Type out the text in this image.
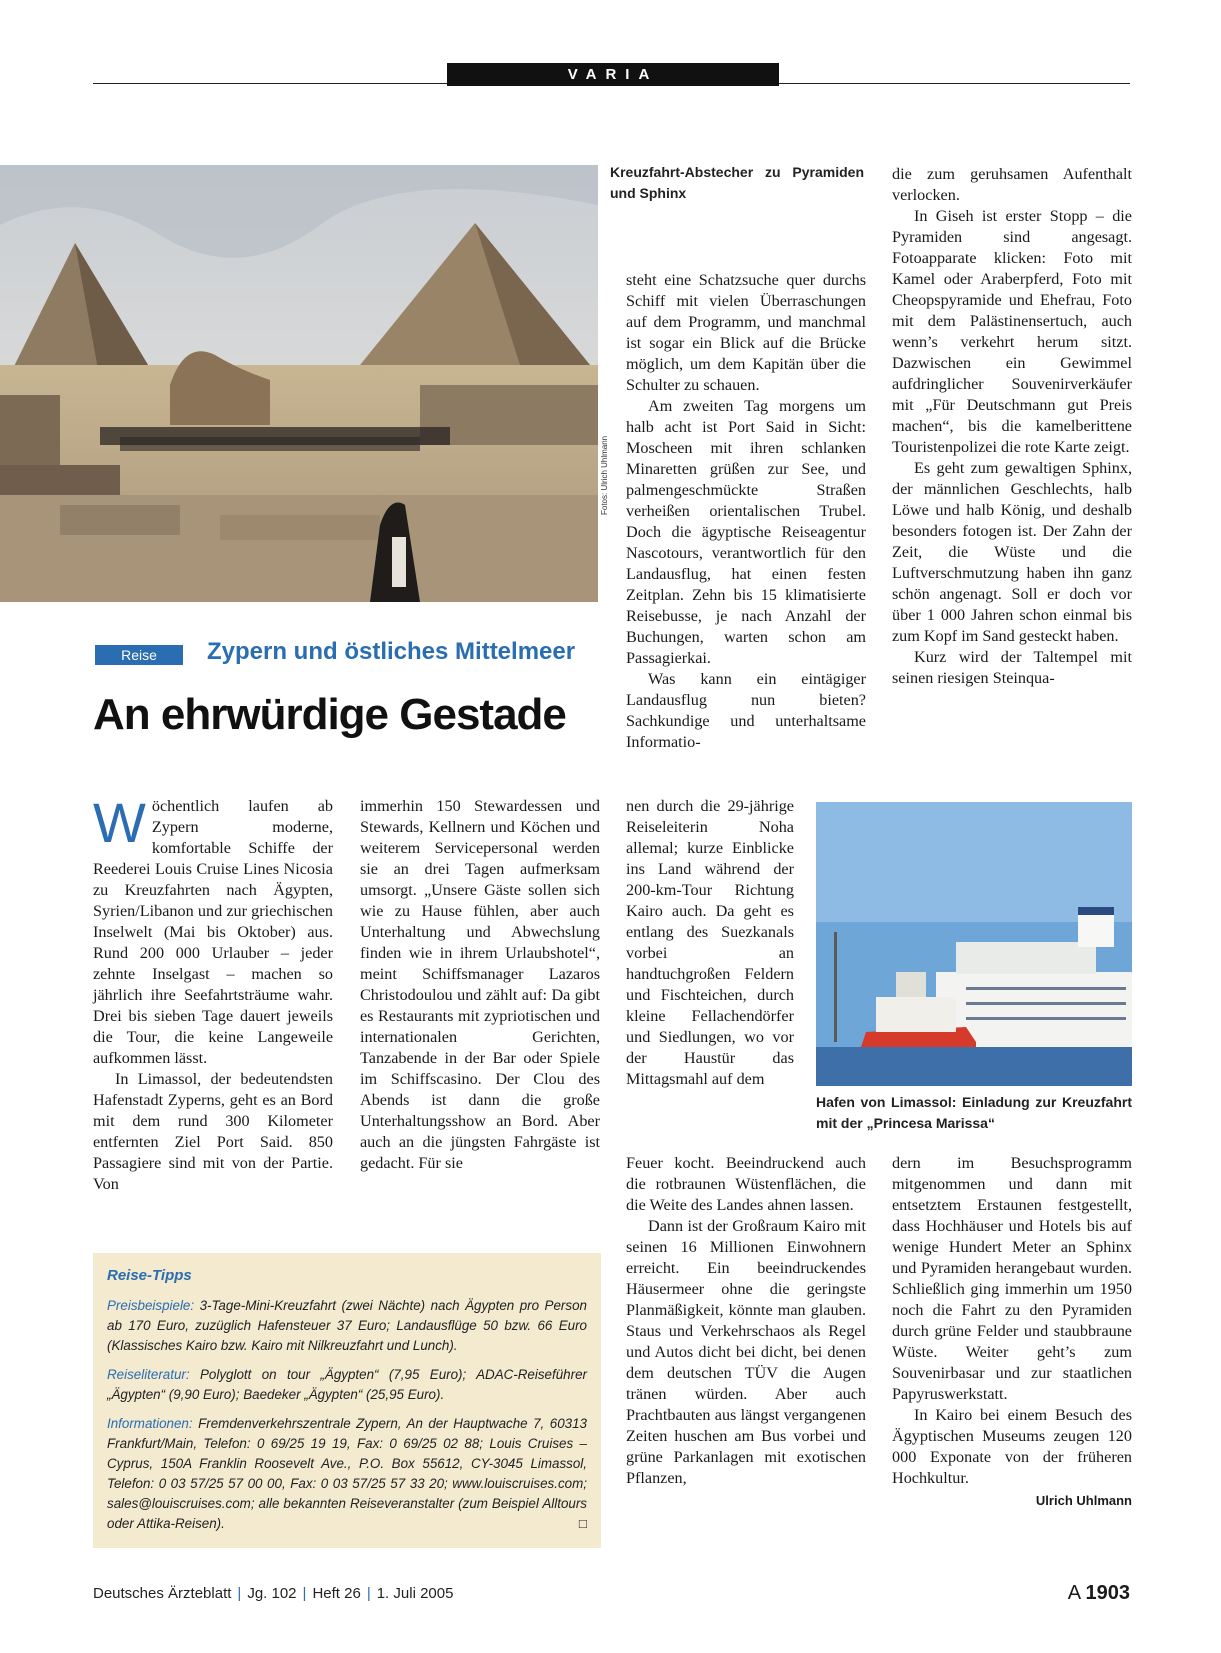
VARIA
Fotos: Ulrich Uhlmann
Kreuzfahrt-Abstecher zu Pyramiden und Sphinx
Reise	Zypern und östliches Mittelmeer
An ehrwürdige Gestade

Wöchentlich laufen ab Zypern moderne, komfortable Schiffe der Reederei Louis Cruise Lines Nicosia zu Kreuzfahrten nach Ägypten, Syrien/Libanon und zur griechischen Inselwelt (Mai bis Oktober) aus. Rund 200 000 Urlauber – jeder zehnte Inselgast – machen so jährlich ihre Seefahrtsträume wahr. Drei bis sieben Tage dauert jeweils die Tour, die keine Langeweile aufkommen lässt.

In Limassol, der bedeutendsten Hafenstadt Zyperns, geht es an Bord mit dem rund 300 Kilometer entfernten Ziel Port Said. 850 Passagiere sind mit von der Partie. Von

immerhin 150 Stewardessen und Stewards, Kellnern und Köchen und weiterem Servicepersonal werden sie an drei Tagen aufmerksam umsorgt. „Unsere Gäste sollen sich wie zu Hause fühlen, aber auch Unterhaltung und Abwechslung finden wie in ihrem Urlaubshotel“, meint Schiffsmanager Lazaros Christodoulou und zählt auf: Da gibt es Restaurants mit zypriotischen und internationalen Gerichten, Tanzabende in der Bar oder Spiele im Schiffscasino. Der Clou des Abends ist dann die große Unterhaltungsshow an Bord. Aber auch an die jüngsten Fahrgäste ist gedacht. Für sie

steht eine Schatzsuche quer durchs Schiff mit vielen Überraschungen auf dem Programm, und manchmal ist sogar ein Blick auf die Brücke möglich, um dem Kapitän über die Schulter zu schauen.

Am zweiten Tag morgens um halb acht ist Port Said in Sicht: Moscheen mit ihren schlanken Minaretten grüßen zur See, und palmengeschmückte Straßen verheißen orientalischen Trubel. Doch die ägyptische Reiseagentur Nascotours, verantwortlich für den Landausflug, hat einen festen Zeitplan. Zehn bis 15 klimatisierte Reisebusse, je nach Anzahl der Buchungen, warten schon am Passagierkai.

Was kann ein eintägiger Landausflug nun bieten? Sachkundige und unterhaltsame Informatio-

nen durch die 29-jährige Reiseleiterin Noha allemal; kurze Einblicke ins Land während der 200-km-Tour Richtung Kairo auch. Da geht es entlang des Suezkanals vorbei an handtuchgroßen Feldern und Fischteichen, durch kleine Fellachendörfer und Siedlungen, wo vor der Haustür das Mittagsmahl auf dem

Feuer kocht. Beeindruckend auch die rotbraunen Wüstenflächen, die die Weite des Landes ahnen lassen.

Dann ist der Großraum Kairo mit seinen 16 Millionen Einwohnern erreicht. Ein beeindruckendes Häusermeer ohne die geringste Planmäßigkeit, könnte man glauben. Staus und Verkehrschaos als Regel und Autos dicht bei dicht, bei denen dem deutschen TÜV die Augen tränen würden. Aber auch Prachtbauten aus längst vergangenen Zeiten huschen am Bus vorbei und grüne Parkanlagen mit exotischen Pflanzen,

die zum geruhsamen Aufenthalt verlocken.

In Giseh ist erster Stopp – die Pyramiden sind angesagt. Fotoapparate klicken: Foto mit Kamel oder Araberpferd, Foto mit Cheopspyramide und Ehefrau, Foto mit dem Palästinensertuch, auch wenn’s verkehrt herum sitzt. Dazwischen ein Gewimmel aufdringlicher Souvenirverkäufer mit „Für Deutschmann gut Preis machen“, bis die kamelberittene Touristenpolizei die rote Karte zeigt.

Es geht zum gewaltigen Sphinx, der männlichen Geschlechts, halb Löwe und halb König, und deshalb besonders fotogen ist. Der Zahn der Zeit, die Wüste und die Luftverschmutzung haben ihn ganz schön angenagt. Soll er doch vor über 1 000 Jahren schon einmal bis zum Kopf im Sand gesteckt haben.

Kurz wird der Taltempel mit seinen riesigen Steinqua-

Hafen von Limassol: Einladung zur Kreuzfahrt mit der „Princesa Marissa“

dern im Besuchsprogramm mitgenommen und dann mit entsetztem Erstaunen festgestellt, dass Hochhäuser und Hotels bis auf wenige Hundert Meter an Sphinx und Pyramiden herangebaut wurden. Schließlich ging immerhin um 1950 noch die Fahrt zu den Pyramiden durch grüne Felder und staubbraune Wüste. Weiter geht’s zum Souvenirbasar und zur staatlichen Papyruswerkstatt.

In Kairo bei einem Besuch des Ägyptischen Museums zeugen 120 000 Exponate von der früheren Hochkultur.

Ulrich Uhlmann
Reise-Tipps

Preisbeispiele: 3-Tage-Mini-Kreuzfahrt (zwei Nächte) nach Ägypten pro Person ab 170 Euro, zuzüglich Hafensteuer 37 Euro; Landausflüge 50 bzw. 66 Euro (Klassisches Kairo bzw. Kairo mit Nilkreuzfahrt und Lunch).

Reiseliteratur: Polyglott on tour „Ägypten“ (7,95 Euro); ADAC-Reiseführer „Ägypten“ (9,90 Euro); Baedeker „Ägypten“ (25,95 Euro).

Informationen: Fremdenverkehrszentrale Zypern, An der Hauptwache 7, 60313 Frankfurt/Main, Telefon: 0 69/25 19 19, Fax: 0 69/25 02 88; Louis Cruises – Cyprus, 150A Franklin Roosevelt Ave., P.O. Box 55612, CY-3045 Limassol, Telefon: 0 03 57/25 57 00 00, Fax: 0 03 57/25 57 33 20; www.louiscruises.com; sales@louiscruises.com; alle bekannten Reiseveranstalter (zum Beispiel Alltours oder Attika-Reisen).	□

Deutsches Ärzteblatt | Jg. 102 | Heft 26 | 1. Juli 2005	A 1903
